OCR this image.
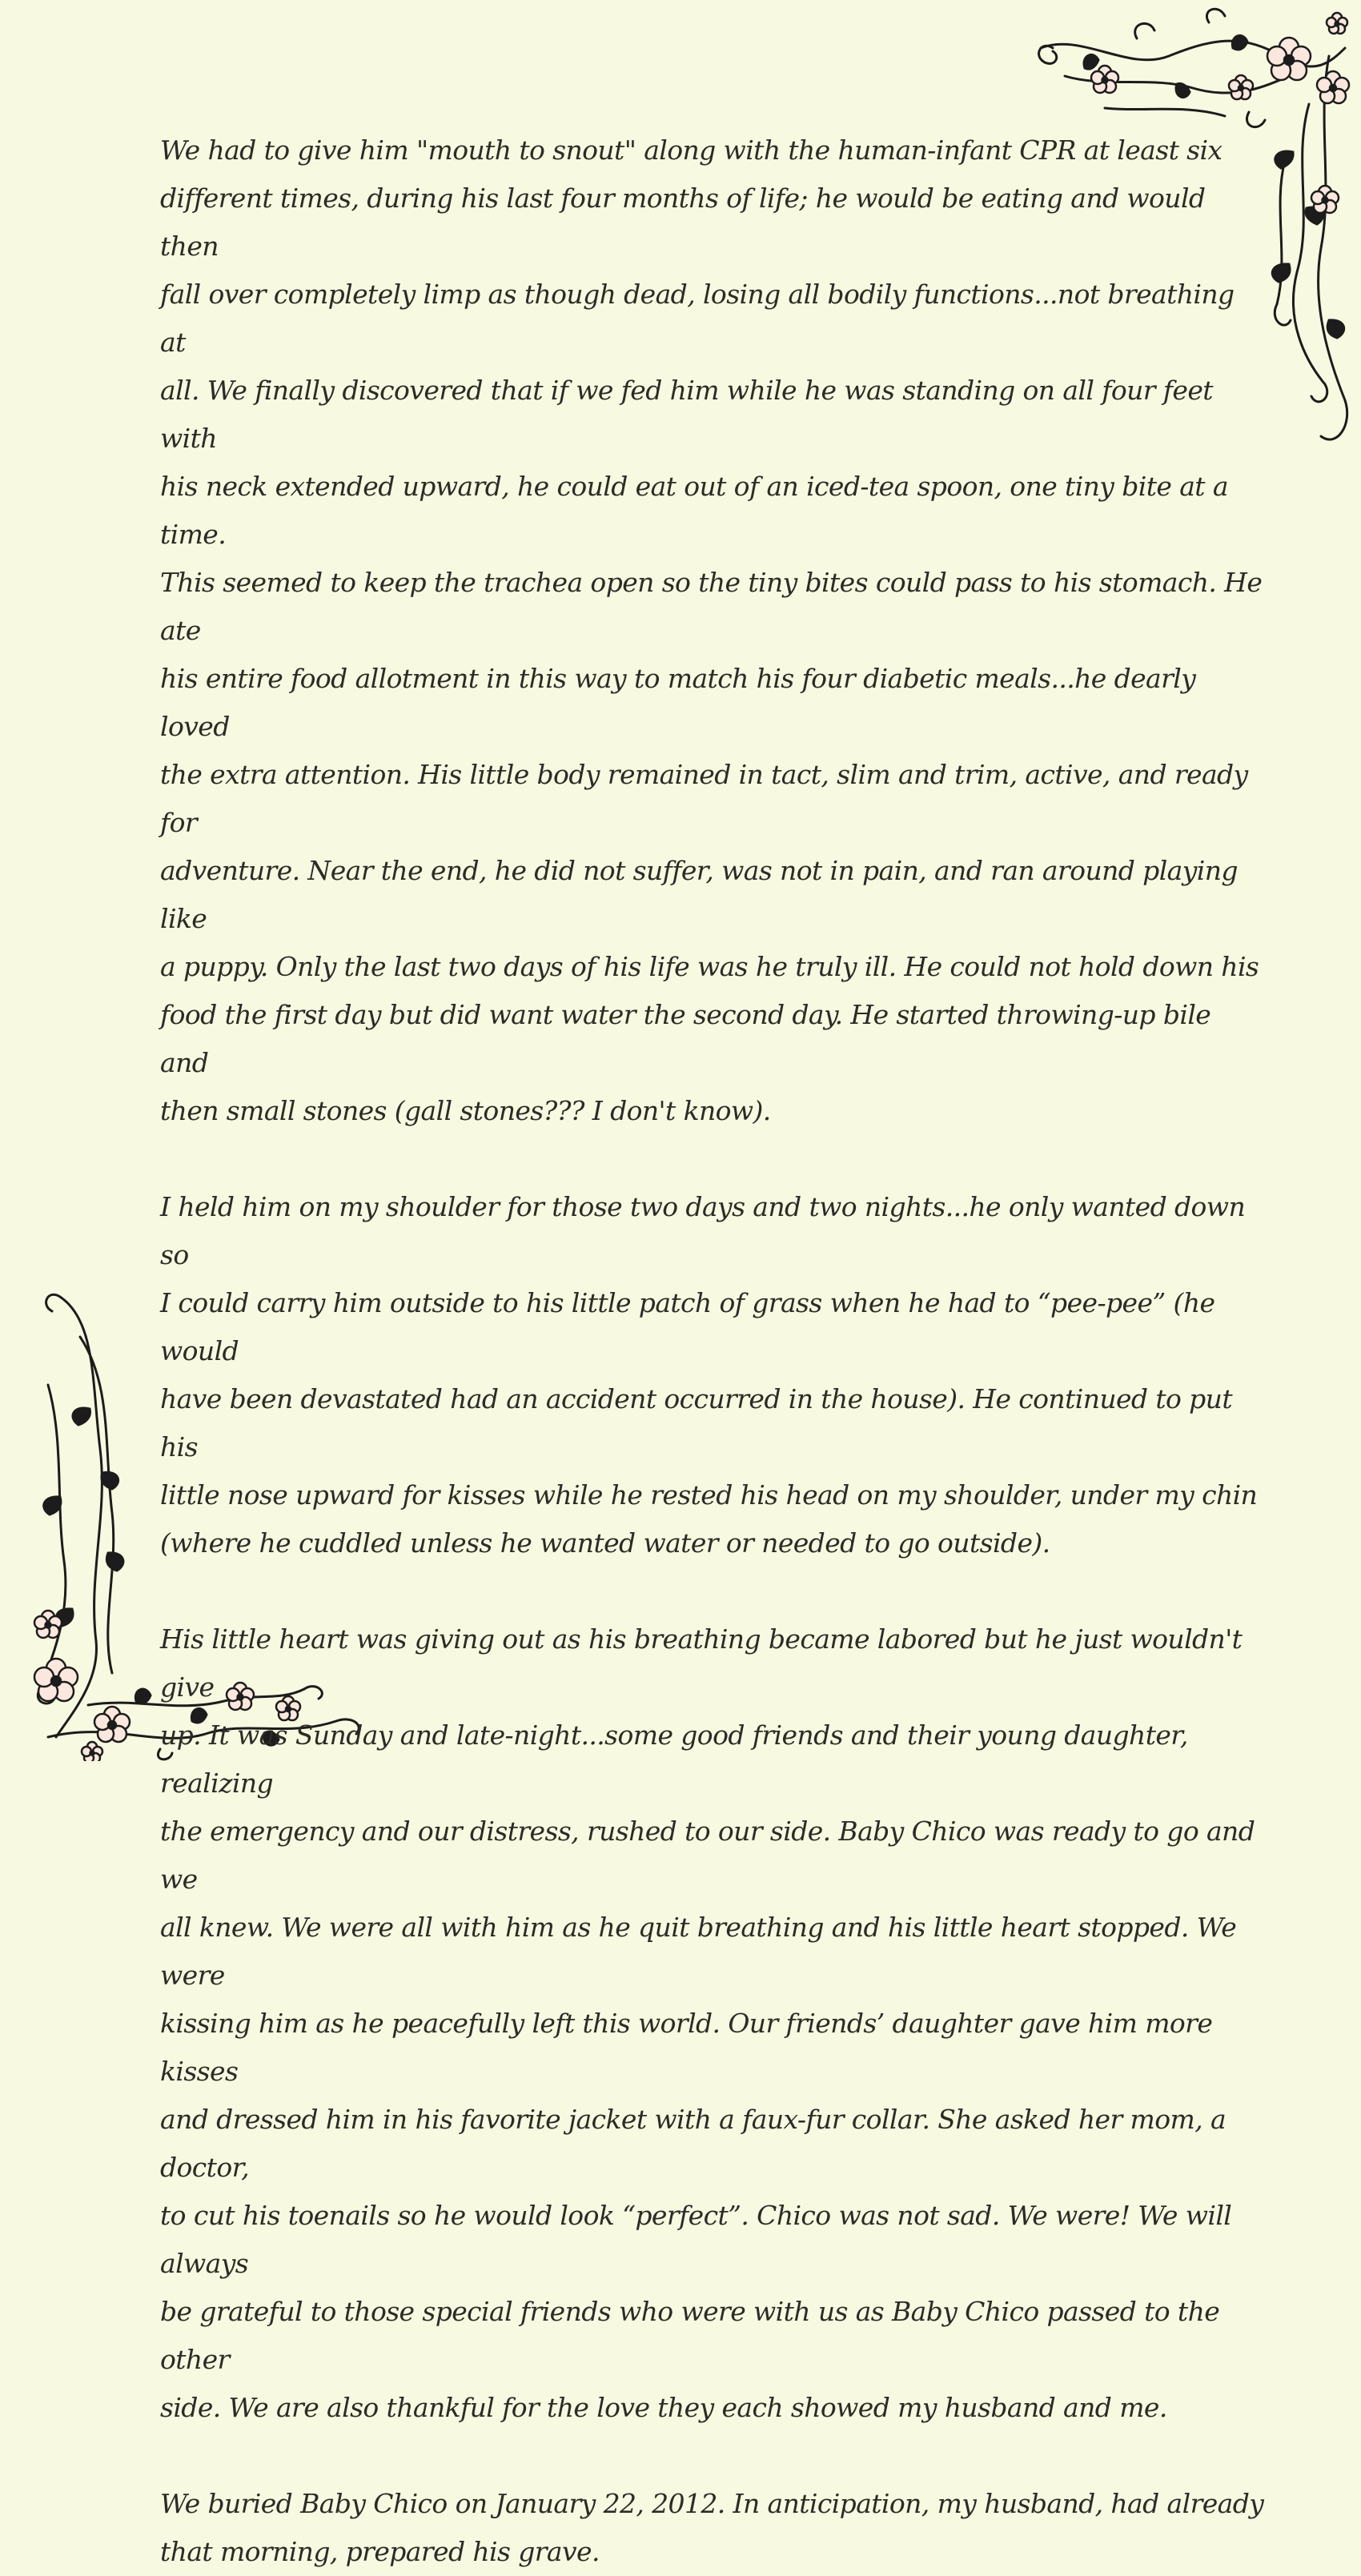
We had to give him "mouth to snout" along with the human-infant CPR at least six
different times, during his last four months of life; he would be eating and would then
fall over completely limp as though dead, losing all bodily functions...not breathing at
all. We finally discovered that if we fed him while he was standing on all four feet with
his neck extended upward, he could eat out of an iced-tea spoon, one tiny bite at a time.
This seemed to keep the trachea open so the tiny bites could pass to his stomach. He ate
his entire food allotment in this way to match his four diabetic meals...he dearly loved
the extra attention. His little body remained in tact, slim and trim, active, and ready for
adventure. Near the end, he did not suffer, was not in pain, and ran around playing like
a puppy. Only the last two days of his life was he truly ill. He could not hold down his
food the first day but did want water the second day. He started throwing-up bile and
then small stones (gall stones??? I don't know).

I held him on my shoulder for those two days and two nights...he only wanted down so
I could carry him outside to his little patch of grass when he had to “pee-pee” (he would
have been devastated had an accident occurred in the house). He continued to put his
little nose upward for kisses while he rested his head on my shoulder, under my chin
(where he cuddled unless he wanted water or needed to go outside).

His little heart was giving out as his breathing became labored but he just wouldn't give
up. It was Sunday and late-night...some good friends and their young daughter, realizing
the emergency and our distress, rushed to our side. Baby Chico was ready to go and we
all knew. We were all with him as he quit breathing and his little heart stopped. We were
kissing him as he peacefully left this world. Our friends’ daughter gave him more kisses
and dressed him in his favorite jacket with a faux-fur collar. She asked her mom, a doctor,
to cut his toenails so he would look “perfect”. Chico was not sad. We were! We will always
be grateful to those special friends who were with us as Baby Chico passed to the other
side. We are also thankful for the love they each showed my husband and me.

We buried Baby Chico on January 22, 2012. In anticipation, my husband, had already
that morning, prepared his grave.
